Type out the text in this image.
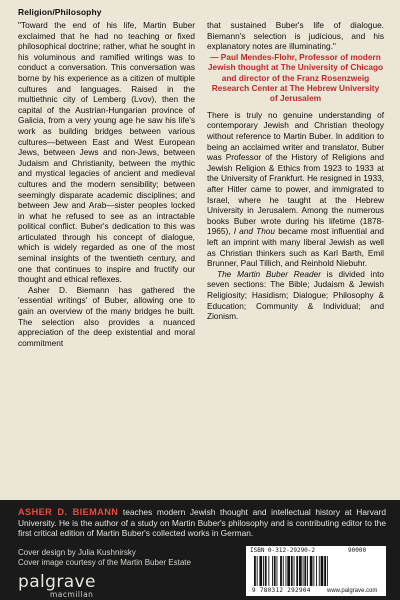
Religion/Philosophy

"Toward the end of his life, Martin Buber exclaimed that he had no teaching or fixed philosophical doctrine; rather, what he sought in his voluminous and ramified writings was to conduct a conversation. This conversation was borne by his experience as a citizen of multiple cultures and languages. Raised in the multiethnic city of Lemberg (Lvov), then the capital of the Austrian-Hungarian province of Galicia, from a very young age he saw his life's work as building bridges between various cultures—between East and West European Jews, between Jews and non-Jews, between Judaism and Christianity, between the mythic and mystical legacies of ancient and medieval cultures and the modern sensibility; between seemingly disparate academic disciplines; and between Jew and Arab—sister peoples locked in what he refused to see as an intractable political conflict. Buber's dedication to this was articulated through his concept of dialogue, which is widely regarded as one of the most seminal insights of the twentieth century, and one that continues to inspire and fructify our thought and ethical reflexes.

Asher D. Biemann has gathered the 'essential writings' of Buber, allowing one to gain an overview of the many bridges he built. The selection also provides a nuanced appreciation of the deep existential and moral commitment

that sustained Buber's life of dialogue. Biemann's selection is judicious, and his explanatory notes are illuminating."

— Paul Mendes-Flohr, Professor of modern Jewish thought at The University of Chicago and director of the Franz Rosenzweig Research Center at The Hebrew University of Jerusalem

There is truly no genuine understanding of contemporary Jewish and Christian theology without reference to Martin Buber. In addition to being an acclaimed writer and translator, Buber was Professor of the History of Religions and Jewish Religion & Ethics from 1923 to 1933 at the University of Frankfurt. He resigned in 1933, after Hitler came to power, and immigrated to Israel, where he taught at the Hebrew University in Jerusalem. Among the numerous books Buber wrote during his lifetime (1878-1965), I and Thou became most influential and left an imprint with many liberal Jewish as well as Christian thinkers such as Karl Barth, Emil Brunner, Paul Tillich, and Reinhold Niebuhr.

The Martin Buber Reader is divided into seven sections: The Bible; Judaism & Jewish Religiosity; Hasidism; Dialogue; Philosophy & Education; Community & Individual; and Zionism.

ASHER D. BIEMANN teaches modern Jewish thought and intellectual history at Harvard University. He is the author of a study on Martin Buber's philosophy and is contributing editor to the first critical edition of Martin Buber's collected works in German.
Cover design by Julia Kushnirsky
Cover image courtesy of the Martin Buber Estate
palgrave
macmillan
ISBN 0-312-29290-2	90000
9 780312 292904	www.palgrave.com
